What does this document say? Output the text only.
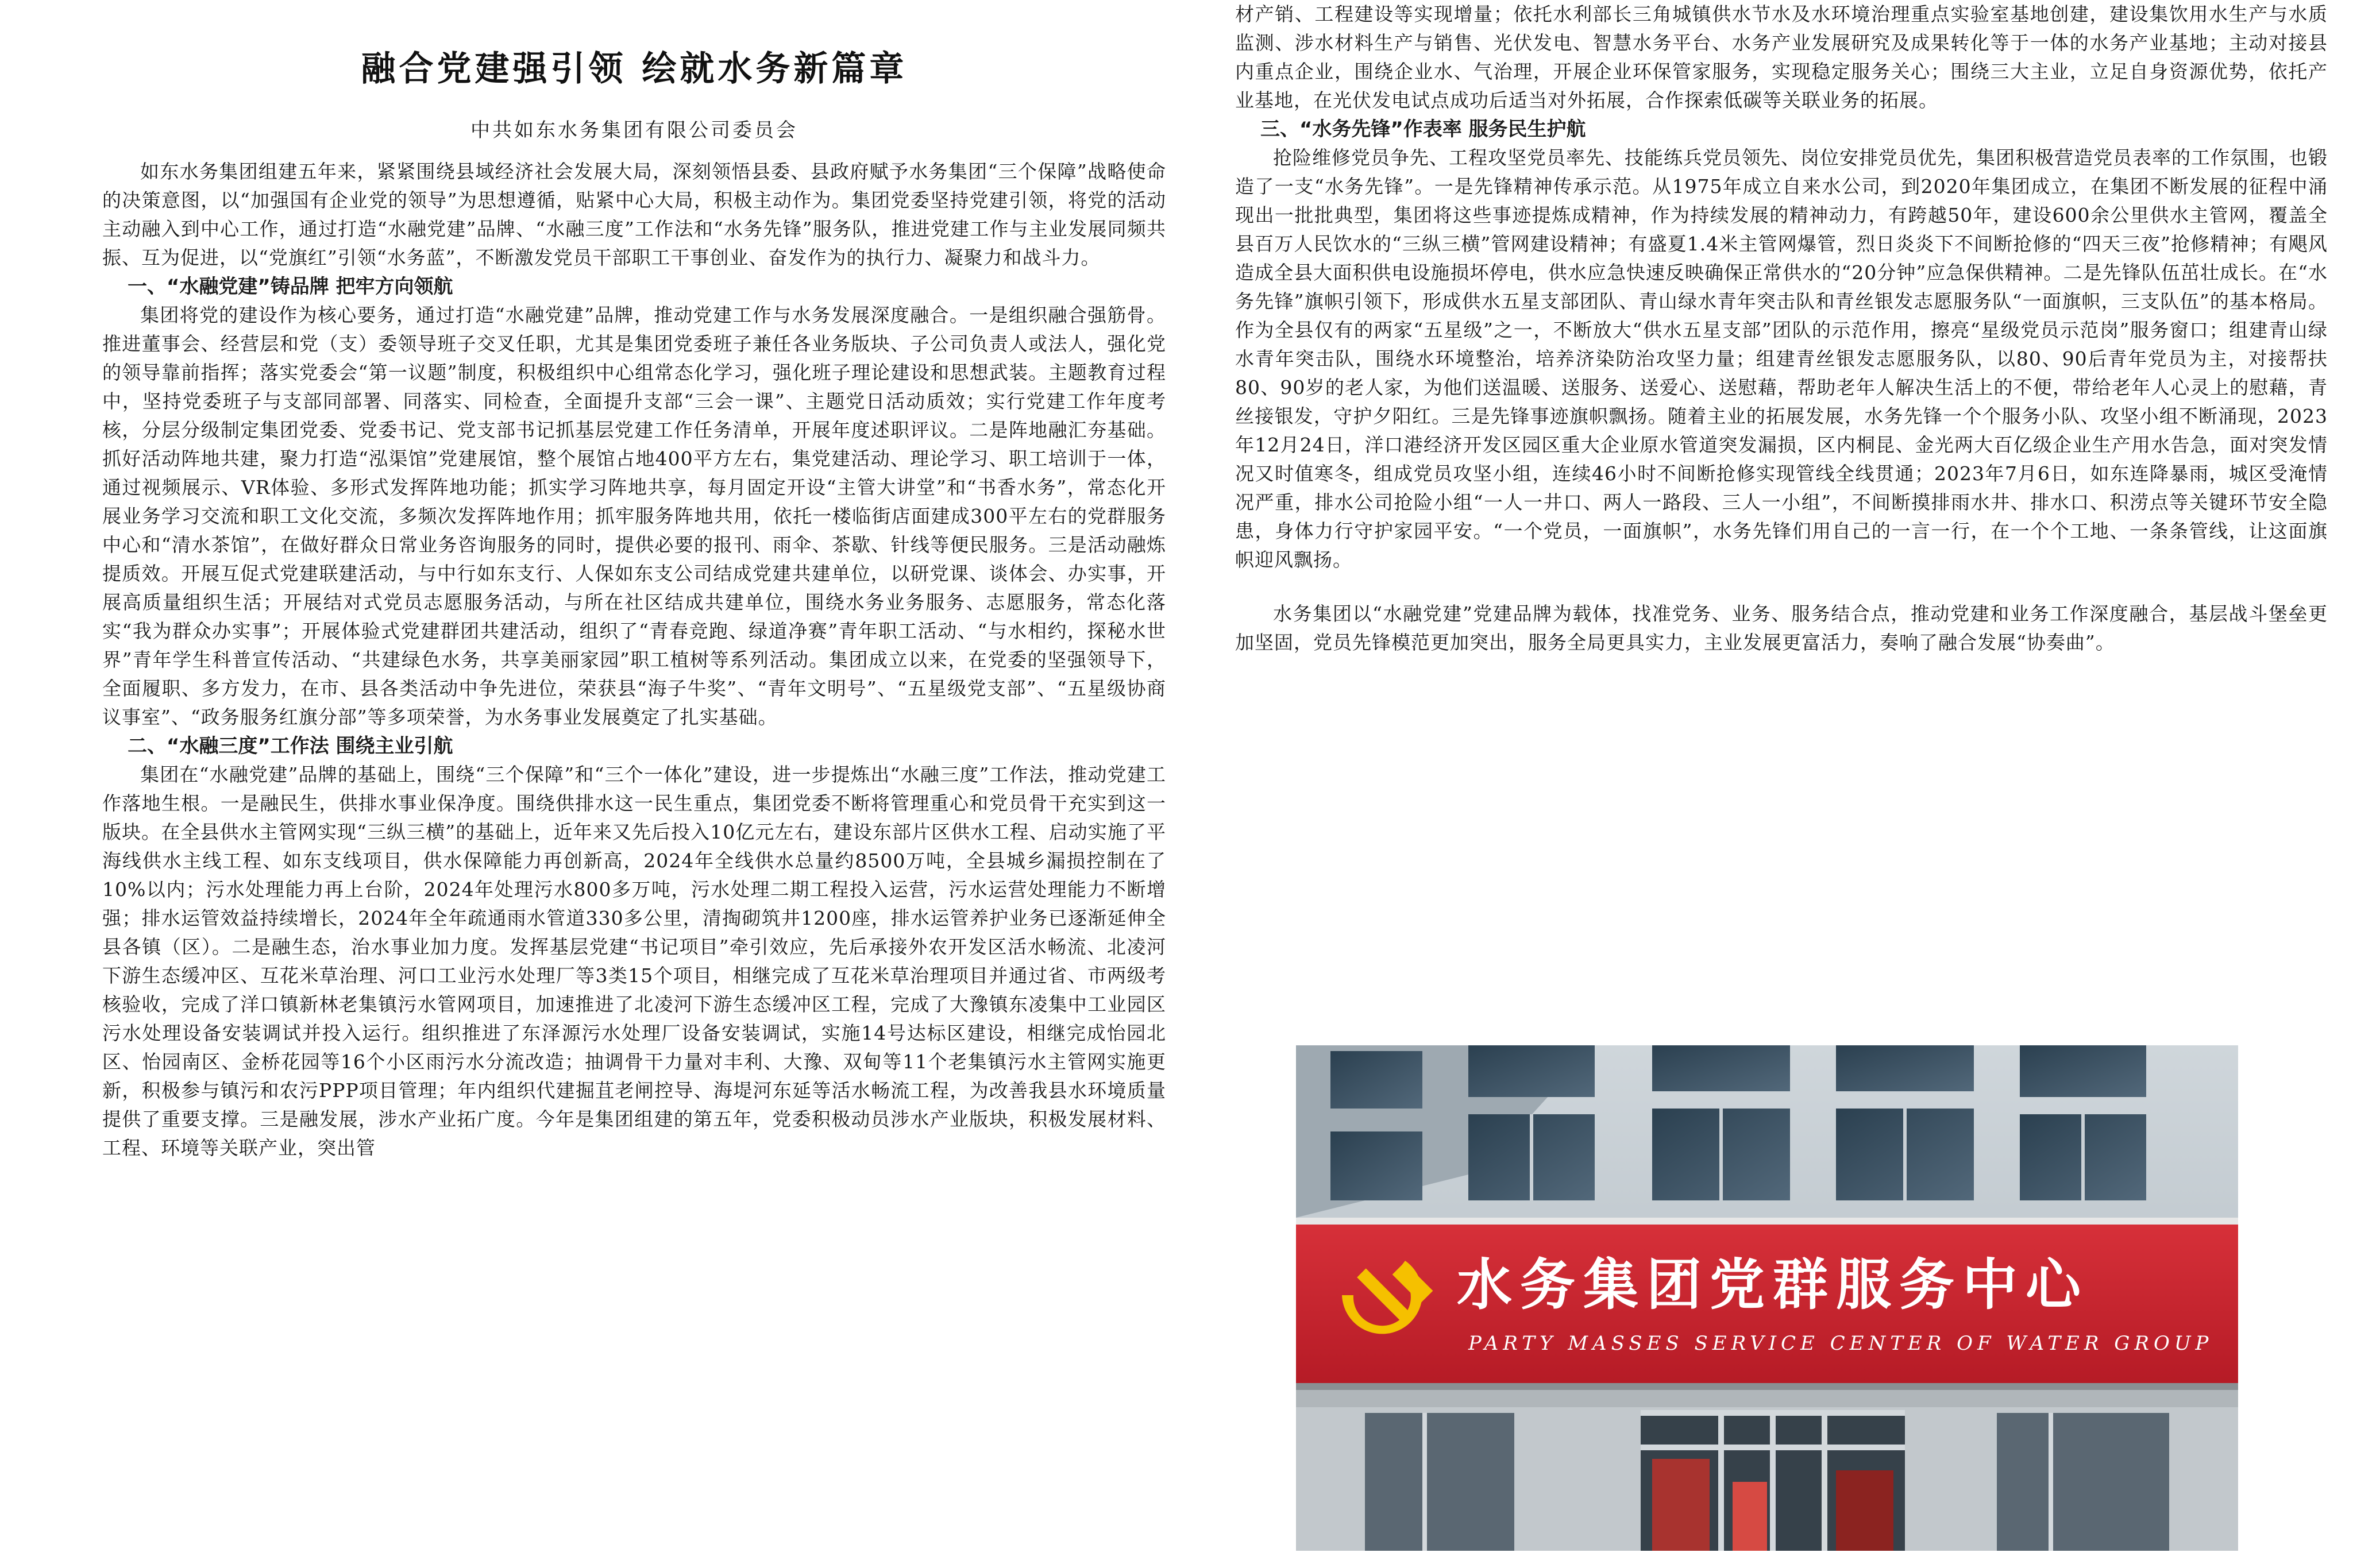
融合党建强引领 绘就水务新篇章
中共如东水务集团有限公司委员会

如东水务集团组建五年来，紧紧围绕县域经济社会发展大局，深刻领悟县委、县政府赋予水务集团“三个保障”战略使命的决策意图，以“加强国有企业党的领导”为思想遵循，贴紧中心大局，积极主动作为。集团党委坚持党建引领，将党的活动主动融入到中心工作，通过打造“水融党建”品牌、“水融三度”工作法和“水务先锋”服务队，推进党建工作与主业发展同频共振、互为促进，以“党旗红”引领“水务蓝”，不断激发党员干部职工干事创业、奋发作为的执行力、凝聚力和战斗力。

一、“水融党建”铸品牌 把牢方向领航

集团将党的建设作为核心要务，通过打造“水融党建”品牌，推动党建工作与水务发展深度融合。一是组织融合强筋骨。推进董事会、经营层和党（支）委领导班子交叉任职，尤其是集团党委班子兼任各业务版块、子公司负责人或法人，强化党的领导靠前指挥；落实党委会“第一议题”制度，积极组织中心组常态化学习，强化班子理论建设和思想武装。主题教育过程中，坚持党委班子与支部同部署、同落实、同检查，全面提升支部“三会一课”、主题党日活动质效；实行党建工作年度考核，分层分级制定集团党委、党委书记、党支部书记抓基层党建工作任务清单，开展年度述职评议。二是阵地融汇夯基础。抓好活动阵地共建，聚力打造“泓渠馆”党建展馆，整个展馆占地400平方左右，集党建活动、理论学习、职工培训于一体，通过视频展示、VR体验、多形式发挥阵地功能；抓实学习阵地共享，每月固定开设“主管大讲堂”和“书香水务”，常态化开展业务学习交流和职工文化交流，多频次发挥阵地作用；抓牢服务阵地共用，依托一楼临街店面建成300平左右的党群服务中心和“清水茶馆”，在做好群众日常业务咨询服务的同时，提供必要的报刊、雨伞、茶歇、针线等便民服务。三是活动融炼提质效。开展互促式党建联建活动，与中行如东支行、人保如东支公司结成党建共建单位，以研党课、谈体会、办实事，开展高质量组织生活；开展结对式党员志愿服务活动，与所在社区结成共建单位，围绕水务业务服务、志愿服务，常态化落实“我为群众办实事”；开展体验式党建群团共建活动，组织了“青春竞跑、绿道净赛”青年职工活动、“与水相约，探秘水世界”青年学生科普宣传活动、“共建绿色水务，共享美丽家园”职工植树等系列活动。集团成立以来，在党委的坚强领导下，全面履职、多方发力，在市、县各类活动中争先进位，荣获县“海子牛奖”、“青年文明号”、“五星级党支部”、“五星级协商议事室”、“政务服务红旗分部”等多项荣誉，为水务事业发展奠定了扎实基础。

二、“水融三度”工作法 围绕主业引航

集团在“水融党建”品牌的基础上，围绕“三个保障”和“三个一体化”建设，进一步提炼出“水融三度”工作法，推动党建工作落地生根。一是融民生，供排水事业保净度。围绕供排水这一民生重点，集团党委不断将管理重心和党员骨干充实到这一版块。在全县供水主管网实现“三纵三横”的基础上，近年来又先后投入10亿元左右，建设东部片区供水工程、启动实施了平海线供水主线工程、如东支线项目，供水保障能力再创新高，2024年全线供水总量约8500万吨，全县城乡漏损控制在了10%以内；污水处理能力再上台阶，2024年处理污水800多万吨，污水处理二期工程投入运营，污水运营处理能力不断增强；排水运管效益持续增长，2024年全年疏通雨水管道330多公里，清掏砌筑井1200座，排水运管养护业务已逐渐延伸全县各镇（区）。二是融生态，治水事业加力度。发挥基层党建“书记项目”牵引效应，先后承接外农开发区活水畅流、北凌河下游生态缓冲区、互花米草治理、河口工业污水处理厂等3类15个项目，相继完成了互花米草治理项目并通过省、市两级考核验收，完成了洋口镇新林老集镇污水管网项目，加速推进了北凌河下游生态缓冲区工程，完成了大豫镇东凌集中工业园区污水处理设备安装调试并投入运行。组织推进了东泽源污水处理厂设备安装调试，实施14号达标区建设，相继完成怡园北区、怡园南区、金桥花园等16个小区雨污水分流改造；抽调骨干力量对丰利、大豫、双甸等11个老集镇污水主管网实施更新，积极参与镇污和农污PPP项目管理；年内组织代建掘苴老闸控导、海堤河东延等活水畅流工程，为改善我县水环境质量提供了重要支撑。三是融发展，涉水产业拓广度。今年是集团组建的第五年，党委积极动员涉水产业版块，积极发展材料、工程、环境等关联产业，突出管

材产销、工程建设等实现增量；依托水利部长三角城镇供水节水及水环境治理重点实验室基地创建，建设集饮用水生产与水质监测、涉水材料生产与销售、光伏发电、智慧水务平台、水务产业发展研究及成果转化等于一体的水务产业基地；主动对接县内重点企业，围绕企业水、气治理，开展企业环保管家服务，实现稳定服务关心；围绕三大主业，立足自身资源优势，依托产业基地，在光伏发电试点成功后适当对外拓展，合作探索低碳等关联业务的拓展。

三、“水务先锋”作表率 服务民生护航

抢险维修党员争先、工程攻坚党员率先、技能练兵党员领先、岗位安排党员优先，集团积极营造党员表率的工作氛围，也锻造了一支“水务先锋”。一是先锋精神传承示范。从1975年成立自来水公司，到2020年集团成立，在集团不断发展的征程中涌现出一批批典型，集团将这些事迹提炼成精神，作为持续发展的精神动力，有跨越50年，建设600余公里供水主管网，覆盖全县百万人民饮水的“三纵三横”管网建设精神；有盛夏1.4米主管网爆管，烈日炎炎下不间断抢修的“四天三夜”抢修精神；有飓风造成全县大面积供电设施损坏停电，供水应急快速反映确保正常供水的“20分钟”应急保供精神。二是先锋队伍茁壮成长。在“水务先锋”旗帜引领下，形成供水五星支部团队、青山绿水青年突击队和青丝银发志愿服务队“一面旗帜，三支队伍”的基本格局。作为全县仅有的两家“五星级”之一，不断放大“供水五星支部”团队的示范作用，擦亮“星级党员示范岗”服务窗口；组建青山绿水青年突击队，围绕水环境整治，培养济染防治攻坚力量；组建青丝银发志愿服务队，以80、90后青年党员为主，对接帮扶80、90岁的老人家，为他们送温暖、送服务、送爱心、送慰藉，帮助老年人解决生活上的不便，带给老年人心灵上的慰藉，青丝接银发，守护夕阳红。三是先锋事迹旗帜飘扬。随着主业的拓展发展，水务先锋一个个服务小队、攻坚小组不断涌现，2023年12月24日，洋口港经济开发区园区重大企业原水管道突发漏损，区内桐昆、金光两大百亿级企业生产用水告急，面对突发情况又时值寒冬，组成党员攻坚小组，连续46小时不间断抢修实现管线全线贯通；2023年7月6日，如东连降暴雨，城区受淹情况严重，排水公司抢险小组“一人一井口、两人一路段、三人一小组”，不间断摸排雨水井、排水口、积涝点等关键环节安全隐患，身体力行守护家园平安。“一个党员，一面旗帜”，水务先锋们用自己的一言一行，在一个个工地、一条条管线，让这面旗帜迎风飘扬。

水务集团以“水融党建”党建品牌为载体，找准党务、业务、服务结合点，推动党建和业务工作深度融合，基层战斗堡垒更加坚固，党员先锋模范更加突出，服务全局更具实力，主业发展更富活力，奏响了融合发展“协奏曲”。

水务集团党群服务中心
PARTY MASSES SERVICE CENTER OF WATER GROUP
